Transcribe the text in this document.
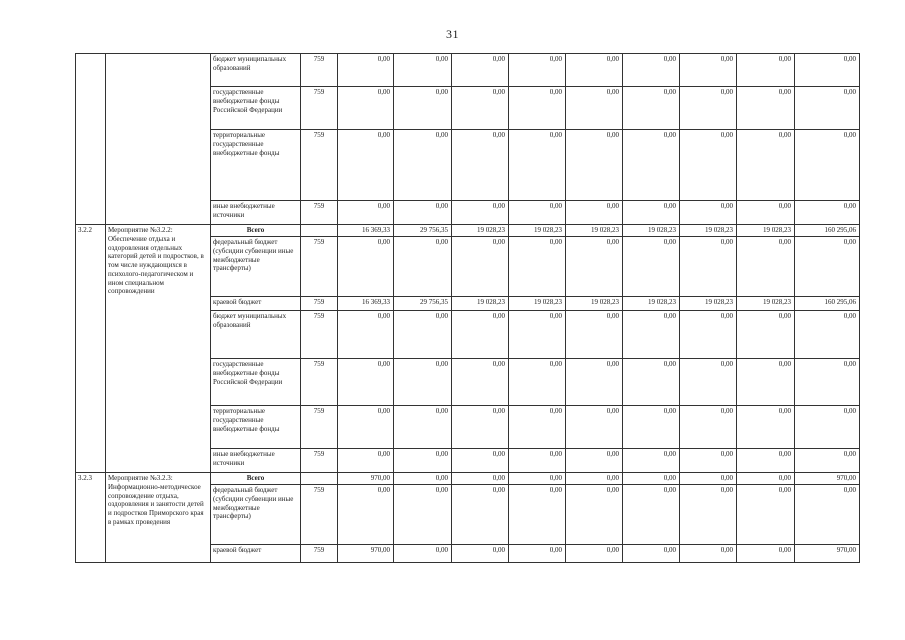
31
		бюджет муниципальных образований	759	0,00	0,00	0,00	0,00	0,00	0,00	0,00	0,00	0,00
		государственные внебюджетные фонды Российской Федерации	759	0,00	0,00	0,00	0,00	0,00	0,00	0,00	0,00	0,00
		территориальные государственные внебюджетные фонды	759	0,00	0,00	0,00	0,00	0,00	0,00	0,00	0,00	0,00
		иные внебюджетные источники	759	0,00	0,00	0,00	0,00	0,00	0,00	0,00	0,00	0,00
3.2.2	Мероприятие №3.2.2: Обеспечение отдыха и оздоровления отдельных категорий детей и подростков, в том числе нуждающихся в психолого-педагогическом и ином специальном сопровождении	Всего		16 369,33	29 756,35	19 028,23	19 028,23	19 028,23	19 028,23	19 028,23	19 028,23	160 295,06
		федеральный бюджет (субсидии субвенции иные межбюджетные трансферты)	759	0,00	0,00	0,00	0,00	0,00	0,00	0,00	0,00	0,00
		краевой бюджет	759	16 369,33	29 756,35	19 028,23	19 028,23	19 028,23	19 028,23	19 028,23	19 028,23	160 295,06
		бюджет муниципальных образований	759	0,00	0,00	0,00	0,00	0,00	0,00	0,00	0,00	0,00
		государственные внебюджетные фонды Российской Федерации	759	0,00	0,00	0,00	0,00	0,00	0,00	0,00	0,00	0,00
		территориальные государственные внебюджетные фонды	759	0,00	0,00	0,00	0,00	0,00	0,00	0,00	0,00	0,00
		иные внебюджетные источники	759	0,00	0,00	0,00	0,00	0,00	0,00	0,00	0,00	0,00
3.2.3	Мероприятие №3.2.3: Информационно-методическое сопровождение отдыха, оздоровления и занятости детей и подростков Приморского края в рамках проведения	Всего		970,00	0,00	0,00	0,00	0,00	0,00	0,00	0,00	970,00
		федеральный бюджет (субсидии субвенции иные межбюджетные трансферты)	759	0,00	0,00	0,00	0,00	0,00	0,00	0,00	0,00	0,00
		краевой бюджет	759	970,00	0,00	0,00	0,00	0,00	0,00	0,00	0,00	970,00
